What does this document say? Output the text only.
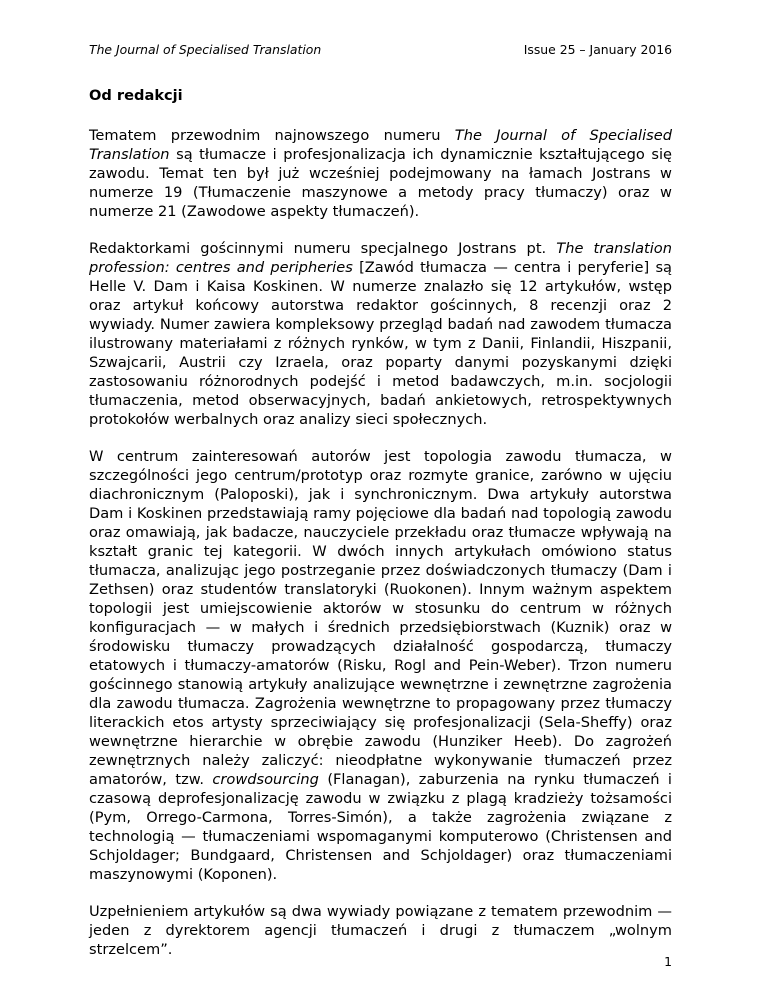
The Journal of Specialised Translation	Issue 25 – January 2016
Od redakcji

Tematem przewodnim najnowszego numeru The Journal of Specialised Translation są tłumacze i profesjonalizacja ich dynamicznie kształtującego się zawodu. Temat ten był już wcześniej podejmowany na łamach Jostrans w numerze 19 (Tłumaczenie maszynowe a metody pracy tłumaczy) oraz w numerze 21 (Zawodowe aspekty tłumaczeń).

Redaktorkami gościnnymi numeru specjalnego Jostrans pt. The translation profession: centres and peripheries [Zawód tłumacza — centra i peryferie] są Helle V. Dam i Kaisa Koskinen. W numerze znalazło się 12 artykułów, wstęp oraz artykuł końcowy autorstwa redaktor gościnnych, 8 recenzji oraz 2 wywiady. Numer zawiera kompleksowy przegląd badań nad zawodem tłumacza ilustrowany materiałami z różnych rynków, w tym z Danii, Finlandii, Hiszpanii, Szwajcarii, Austrii czy Izraela, oraz poparty danymi pozyskanymi dzięki zastosowaniu różnorodnych podejść i metod badawczych, m.in. socjologii tłumaczenia, metod obserwacyjnych, badań ankietowych, retrospektywnych protokołów werbalnych oraz analizy sieci społecznych.

W centrum zainteresowań autorów jest topologia zawodu tłumacza, w szczególności jego centrum/prototyp oraz rozmyte granice, zarówno w ujęciu diachronicznym (Paloposki), jak i synchronicznym. Dwa artykuły autorstwa Dam i Koskinen przedstawiają ramy pojęciowe dla badań nad topologią zawodu oraz omawiają, jak badacze, nauczyciele przekładu oraz tłumacze wpływają na kształt granic tej kategorii. W dwóch innych artykułach omówiono status tłumacza, analizując jego postrzeganie przez doświadczonych tłumaczy (Dam i Zethsen) oraz studentów translatoryki (Ruokonen). Innym ważnym aspektem topologii jest umiejscowienie aktorów w stosunku do centrum w różnych konfiguracjach — w małych i średnich przedsiębiorstwach (Kuznik) oraz w środowisku tłumaczy prowadzących działalność gospodarczą, tłumaczy etatowych i tłumaczy-amatorów (Risku, Rogl and Pein-Weber). Trzon numeru gościnnego stanowią artykuły analizujące wewnętrzne i zewnętrzne zagrożenia dla zawodu tłumacza. Zagrożenia wewnętrzne to propagowany przez tłumaczy literackich etos artysty sprzeciwiający się profesjonalizacji (Sela-Sheffy) oraz wewnętrzne hierarchie w obrębie zawodu (Hunziker Heeb). Do zagrożeń zewnętrznych należy zaliczyć: nieodpłatne wykonywanie tłumaczeń przez amatorów, tzw. crowdsourcing (Flanagan), zaburzenia na rynku tłumaczeń i czasową deprofesjonalizację zawodu w związku z plagą kradzieży tożsamości (Pym, Orrego-Carmona, Torres-Simón), a także zagrożenia związane z technologią — tłumaczeniami wspomaganymi komputerowo (Christensen and Schjoldager; Bundgaard, Christensen and Schjoldager) oraz tłumaczeniami maszynowymi (Koponen).

Uzpełnieniem artykułów są dwa wywiady powiązane z tematem przewodnim — jeden z dyrektorem agencji tłumaczeń i drugi z tłumaczem „wolnym strzelcem”.

1
